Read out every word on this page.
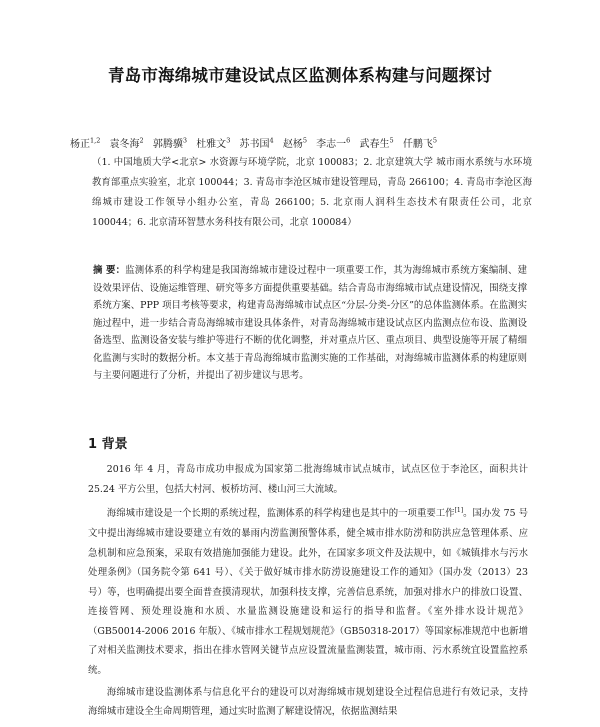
青岛市海绵城市建设试点区监测体系构建与问题探讨
杨正$^{1,2}$ 袁冬海$^2$ 郭腾骥$^3$ 杜雅文$^3$ 苏书国$^4$ 赵杨$^5$ 李志一$^6$ 武春生$^5$ 仟鹏飞$^5$
（1. 中国地质大学<北京> 水资源与环境学院，北京 100083；2. 北京建筑大学 城市雨水系统与水环境教育部重点实验室，北京 100044；3. 青岛市李沧区城市建设管理局，青岛 266100；4. 青岛市李沧区海绵城市建设工作领导小组办公室，青岛 266100；5. 北京雨人润科生态技术有限责任公司，北京 100044；6. 北京清环智慧水务科技有限公司，北京 100084）
摘 要：监测体系的科学构建是我国海绵城市建设过程中一项重要工作，其为海绵城市系统方案编制、建设效果评估、设施运维管理、研究等多方面提供重要基础。结合青岛市海绵城市试点建设情况，围绕支撑系统方案、PPP 项目考核等要求，构建青岛海绵城市试点区“分层-分类-分区”的总体监测体系。在监测实施过程中，进一步结合青岛海绵城市建设具体条件，对青岛海绵城市建设试点区内监测点位布设、监测设备选型、监测设备安装与维护等进行不断的优化调整，并对重点片区、重点项目、典型设施等开展了精细化监测与实时的数据分析。本文基于青岛海绵城市监测实施的工作基础，对海绵城市监测体系的构建原则与主要问题进行了分析，并提出了初步建议与思考。
1 背景

2016 年 4 月，青岛市成功申报成为国家第二批海绵城市试点城市，试点区位于李沧区，面积共计 25.24 平方公里，包括大村河、板桥坊河、楼山河三大流域。

海绵城市建设是一个长期的系统过程，监测体系的科学构建也是其中的一项重要工作[1]。国办发 75 号文中提出海绵城市建设要建立有效的暴雨内涝监测预警体系，健全城市排水防涝和防洪应急管理体系、应急机制和应急预案，采取有效措施加强能力建设。此外，在国家多项文件及法规中，如《城镇排水与污水处理条例》（国务院令第 641 号）、《关于做好城市排水防涝设施建设工作的通知》（国办发（2013）23 号）等，也明确提出要全面普查摸清现状，加强科技支撑，完善信息系统，加强对排水户的排放口设置、连接管网、预处理设施和水质、水量监测设施建设和运行的指导和监督。《室外排水设计规范》（GB50014-2006 2016 年版）、《城市排水工程规划规范》（GB50318-2017）等国家标准规范中也新增了对相关监测技术要求，指出在排水管网关键节点应设置流量监测装置，城市雨、污水系统宜设置监控系统。

海绵城市建设监测体系与信息化平台的建设可以对海绵城市规划建设全过程信息进行有效记录，支持海绵城市建设全生命周期管理，通过实时监测了解建设情况，依据监测结果
